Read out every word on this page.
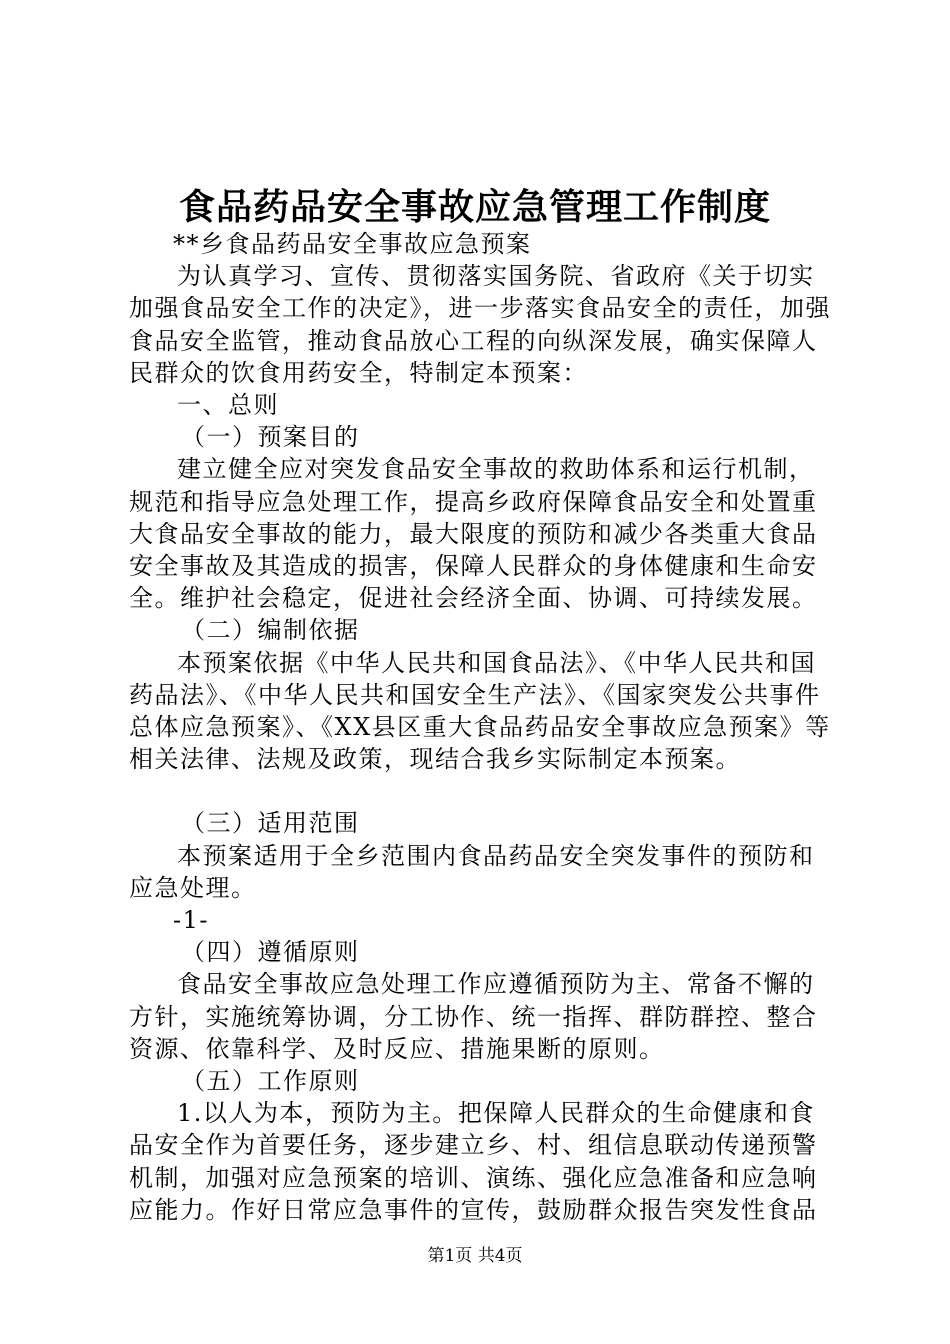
食品药品安全事故应急管理工作制度

**乡食品药品安全事故应急预案

为认真学习、宣传、贯彻落实国务院、省政府《关于切实加强食品安全工作的决定》，进一步落实食品安全的责任，加强食品安全监管，推动食品放心工程的向纵深发展，确实保障人民群众的饮食用药安全，特制定本预案：

一、总则

（一）预案目的

建立健全应对突发食品安全事故的救助体系和运行机制，规范和指导应急处理工作，提高乡政府保障食品安全和处置重大食品安全事故的能力，最大限度的预防和减少各类重大食品安全事故及其造成的损害，保障人民群众的身体健康和生命安全。维护社会稳定，促进社会经济全面、协调、可持续发展。

（二）编制依据

本预案依据《中华人民共和国食品法》、《中华人民共和国药品法》、《中华人民共和国安全生产法》、《国家突发公共事件总体应急预案》、《XX县区重大食品药品安全事故应急预案》等相关法律、法规及政策，现结合我乡实际制定本预案。

（三）适用范围

本预案适用于全乡范围内食品药品安全突发事件的预防和应急处理。

-1-

（四）遵循原则

食品安全事故应急处理工作应遵循预防为主、常备不懈的方针，实施统筹协调，分工协作、统一指挥、群防群控、整合资源、依靠科学、及时反应、措施果断的原则。

（五）工作原则

1.以人为本，预防为主。把保障人民群众的生命健康和食品安全作为首要任务，逐步建立乡、村、组信息联动传递预警机制，加强对应急预案的培训、演练、强化应急准备和应急响应能力。作好日常应急事件的宣传，鼓励群众报告突发性食品

第1页 共4页
